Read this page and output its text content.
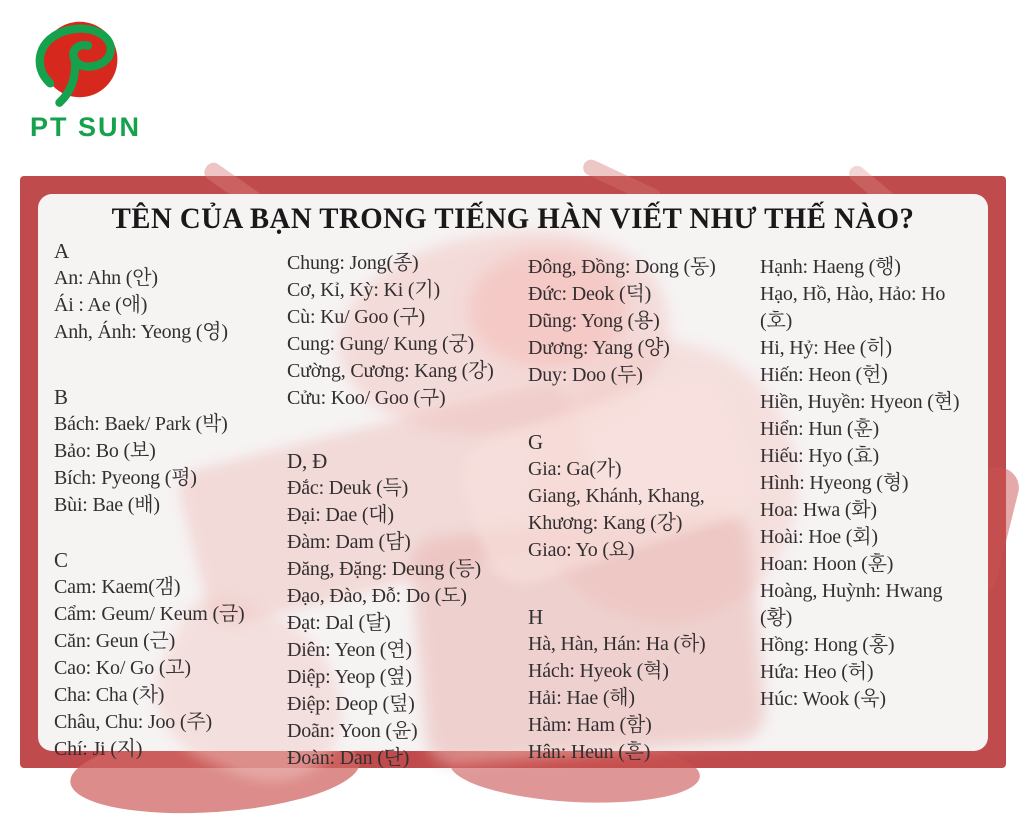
PT SUN
TÊN CỦA BẠN TRONG TIẾNG HÀN VIẾT NHƯ THẾ NÀO?
A
An: Ahn (안)
Ái : Ae (애)
Anh, Ánh: Yeong (영)
B
Bách: Baek/ Park (박)
Bảo: Bo (보)
Bích: Pyeong (평)
Bùi: Bae (배)
C
Cam: Kaem(갬)
Cẩm: Geum/ Keum (금)
Căn: Geun (근)
Cao: Ko/ Go (고)
Cha: Cha (차)
Châu, Chu: Joo (주)
Chí: Ji (지)
Chung: Jong(종)
Cơ, Kỉ, Kỳ: Ki (기)
Cù: Ku/ Goo (구)
Cung: Gung/ Kung (궁)
Cường, Cương: Kang (강)
Cửu: Koo/ Goo (구)
D, Đ
Đắc: Deuk (득)
Đại: Dae (대)
Đàm: Dam (담)
Đăng, Đặng: Deung (등)
Đạo, Đào, Đỗ: Do (도)
Đạt: Dal (달)
Diên: Yeon (연)
Diệp: Yeop (옆)
Điệp: Deop (덮)
Doãn: Yoon (윤)
Đoàn: Dan (단)
Đông, Đồng: Dong (동)
Đức: Deok (덕)
Dũng: Yong (용)
Dương: Yang (양)
Duy: Doo (두)
G
Gia: Ga(가)
Giang, Khánh, Khang, Khương: Kang (강)
Giao: Yo (요)
H
Hà, Hàn, Hán: Ha (하)
Hách: Hyeok (혁)
Hải: Hae (해)
Hàm: Ham (함)
Hân: Heun (흔)
Hạnh: Haeng (행)
Hạo, Hồ, Hào, Hảo: Ho (호)
Hi, Hỷ: Hee (히)
Hiến: Heon (헌)
Hiền, Huyền: Hyeon (현)
Hiển: Hun (훈)
Hiếu: Hyo (효)
Hình: Hyeong (형)
Hoa: Hwa (화)
Hoài: Hoe (회)
Hoan: Hoon (훈)
Hoàng, Huỳnh: Hwang (황)
Hồng: Hong (홍)
Hứa: Heo (허)
Húc: Wook (욱)
